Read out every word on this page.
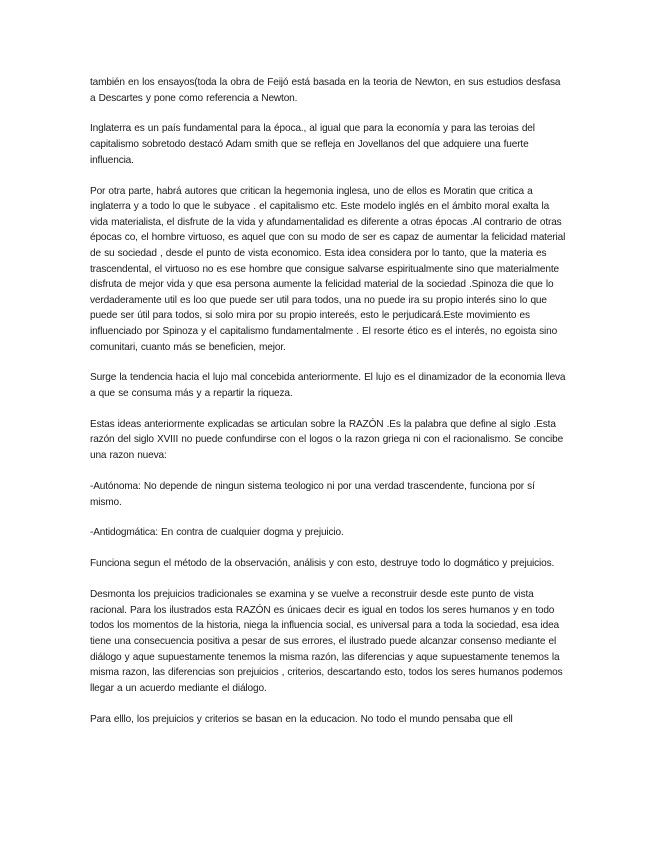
también en los ensayos(toda la obra de Feijó está basada en la teoria de Newton, en sus estudios desfasa a Descartes y pone como referencia a Newton.

Inglaterra es un país fundamental para la época., al igual que para la economía y para las teroias del capitalismo sobretodo destacó Adam smith que se refleja en Jovellanos del que adquiere una fuerte influencia.

Por otra parte, habrá autores que critican la hegemonia inglesa, uno de ellos es Moratin que critica a inglaterra y a todo lo que le subyace . el capitalismo etc. Este modelo inglés en el ámbito moral exalta la vida materialista, el disfrute de la vida y afundamentalidad es diferente a otras épocas .Al contrario de otras épocas co, el hombre virtuoso, es aquel que con su modo de ser es capaz de aumentar la felicidad material de su sociedad , desde el punto de vista economico. Esta idea considera por lo tanto, que la materia es trascendental, el virtuoso no es ese hombre que consigue salvarse espiritualmente sino que materialmente disfruta de mejor vida y que esa persona aumente la felicidad material de la sociedad .Spinoza die que lo verdaderamente util es loo que puede ser util para todos, una no puede ira su propio interés sino lo que puede ser útil para todos, si solo mira por su propio intereés, esto le perjudicará.Este movimiento es influenciado por Spinoza y el capitalismo fundamentalmente . El resorte ético es el interés, no egoista sino comunitari, cuanto más se beneficien, mejor.

Surge la tendencia hacia el lujo mal concebida anteriormente. El lujo es el dinamizador de la economia lleva a que se consuma más y a repartir la riqueza.

Estas ideas anteriormente explicadas se articulan sobre la RAZÓN .Es la palabra que define al siglo .Esta razón del siglo XVIII no puede confundirse con el logos o la razon griega ni con el racionalismo. Se concibe una razon nueva:

-Autónoma: No depende de ningun sistema teologico ni por una verdad trascendente, funciona por sí mismo.

-Antidogmática: En contra de cualquier dogma y prejuicio.

Funciona segun el método de la observación, análisis y con esto, destruye todo lo dogmático y prejuicios.

Desmonta los prejuicios tradicionales se examina y se vuelve a reconstruir desde este punto de vista racional. Para los ilustrados esta RAZÓN es únicaes decir es igual en todos los seres humanos y en todo todos los momentos de la historia, niega la influencia social, es universal para a toda la sociedad, esa idea tiene una consecuencia positiva a pesar de sus errores, el ilustrado puede alcanzar consenso mediante el diálogo y aque supuestamente tenemos la misma razón, las diferencias y aque supuestamente tenemos la misma razon, las diferencias son prejuicios , criterios, descartando esto, todos los seres humanos podemos llegar a un acuerdo mediante el diálogo.

Para elllo, los prejuicios y criterios se basan en la educacion. No todo el mundo pensaba que ell
